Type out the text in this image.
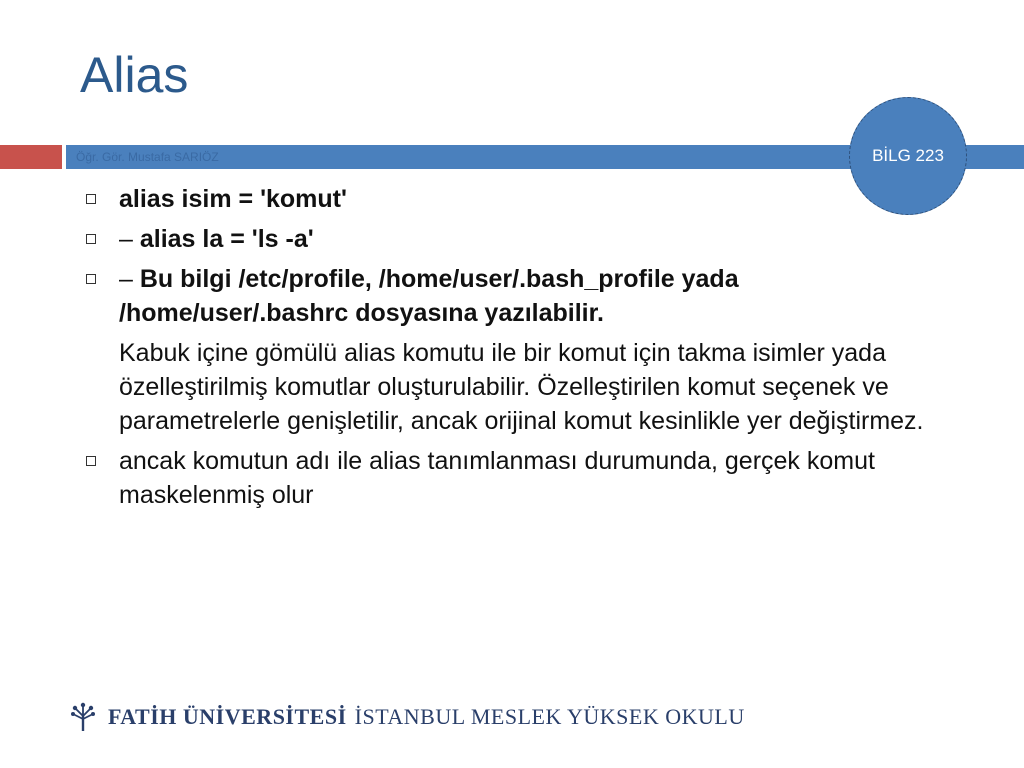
Alias
Öğr. Gör. Mustafa SARIÖZ	BİLG 223
alias isim = 'komut'
– alias la = 'ls -a'
– Bu bilgi /etc/profile, /home/user/.bash_profile yada /home/user/.bashrc dosyasına yazılabilir.
Kabuk içine gömülü alias komutu ile bir komut için takma isimler yada özelleştirilmiş komutlar oluşturulabilir. Özelleştirilen komut seçenek ve parametrelerle genişletilir, ancak orijinal komut kesinlikle yer değiştirmez.
ancak komutun adı ile alias tanımlanması durumunda, gerçek komut maskelenmiş olur
FATİH ÜNİVERSİTESİ İSTANBUL MESLEK YÜKSEK OKULU
